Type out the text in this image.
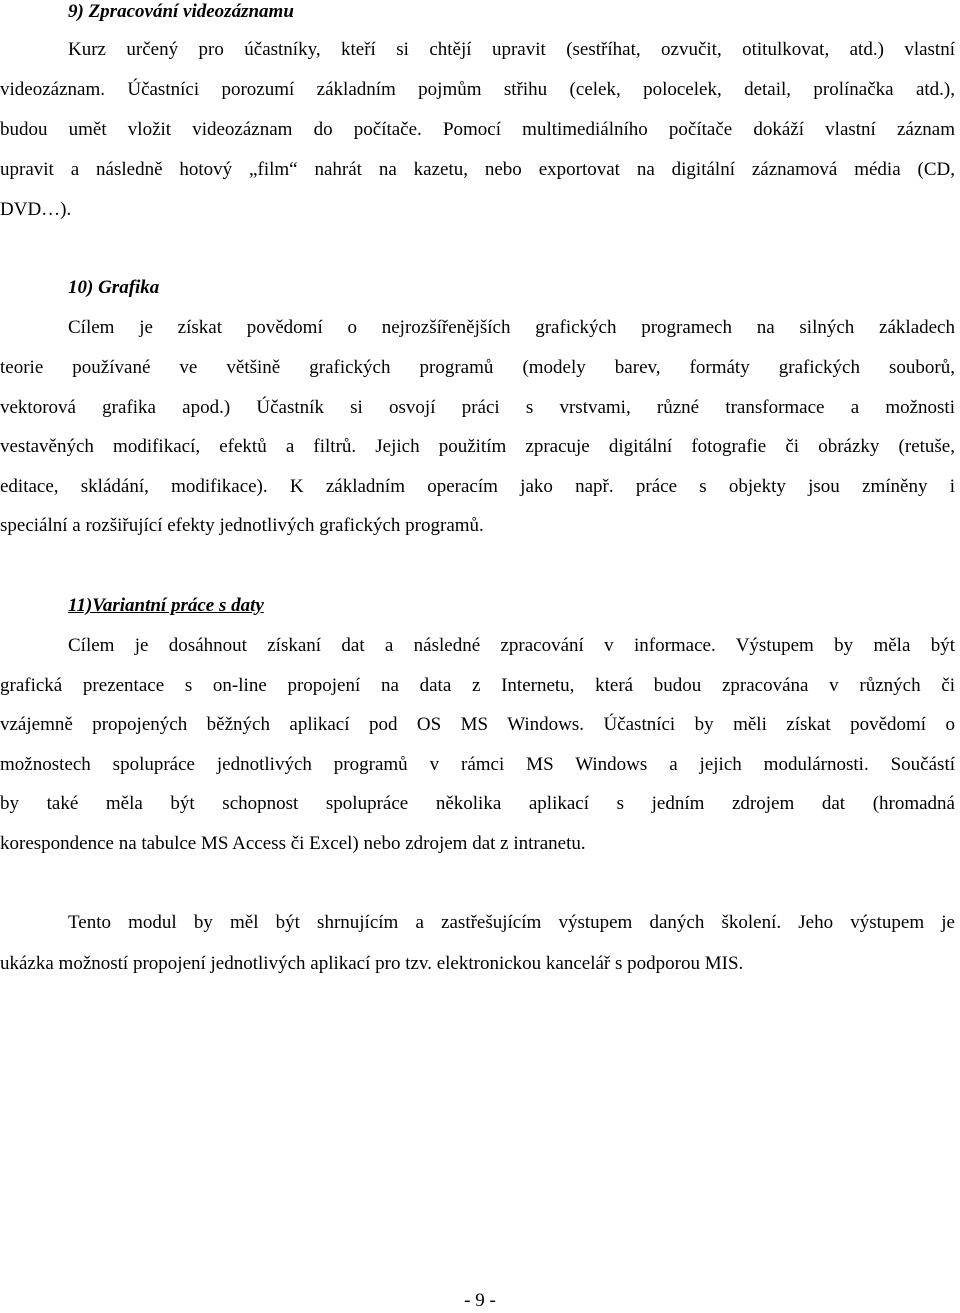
9) Zpracování videozáznamu
Kurz určený pro účastníky, kteří si chtějí upravit (sestříhat, ozvučit, otitulkovat, atd.) vlastní
videozáznam. Účastníci porozumí základním pojmům střihu (celek, polocelek, detail, prolínačka atd.),
budou umět vložit videozáznam do počítače. Pomocí multimediálního počítače dokáží vlastní záznam
upravit a následně hotový „film“ nahrát na kazetu, nebo exportovat na digitální záznamová média (CD,
DVD…).
10) Grafika
Cílem je získat povědomí o nejrozšířenějších grafických programech na silných základech
teorie používané ve většině grafických programů (modely barev, formáty grafických souborů,
vektorová grafika apod.) Účastník si osvojí práci s vrstvami, různé transformace a možnosti
vestavěných modifikací, efektů a filtrů. Jejich použitím zpracuje digitální fotografie či obrázky (retuše,
editace, skládání, modifikace). K základním operacím jako např. práce s objekty jsou zmíněny i
speciální a rozšiřující efekty jednotlivých grafických programů.
11)Variantní práce s daty
Cílem je dosáhnout získaní dat a následné zpracování v informace. Výstupem by měla být
grafická prezentace s on-line propojení na data z Internetu, která budou zpracována v různých či
vzájemně propojených běžných aplikací pod OS MS Windows. Účastníci by měli získat povědomí o
možnostech spolupráce jednotlivých programů v rámci MS Windows a jejich modulárnosti. Součástí
by také měla být schopnost spolupráce několika aplikací s jedním zdrojem dat (hromadná
korespondence na tabulce MS Access či Excel) nebo zdrojem dat z intranetu.
Tento modul by měl být shrnujícím a zastřešujícím výstupem daných školení. Jeho výstupem je
ukázka možností propojení jednotlivých aplikací pro tzv. elektronickou kancelář s podporou MIS.
- 9 -
